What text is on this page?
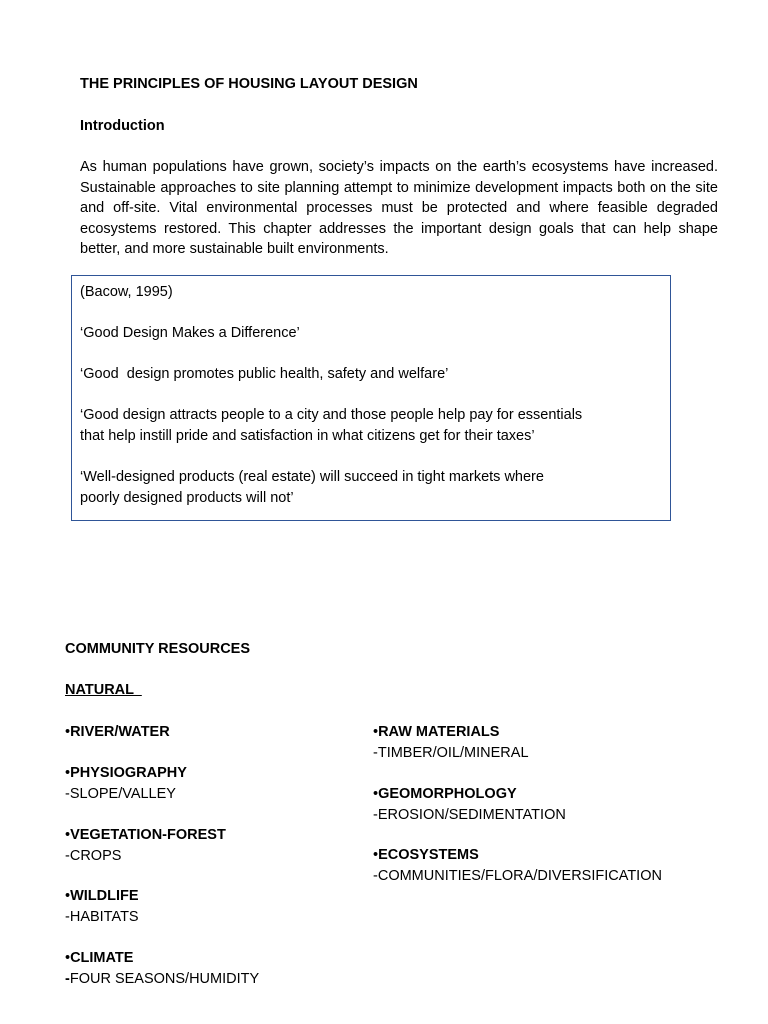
THE PRINCIPLES OF HOUSING LAYOUT DESIGN
Introduction
As human populations have grown, society’s impacts on the earth’s ecosystems have increased. Sustainable approaches to site planning attempt to minimize development impacts both on the site and off-site. Vital environmental processes must be protected and where feasible degraded ecosystems restored. This chapter addresses the important design goals that can help shape better, and more sustainable built environments.
(Bacow, 1995)
‘Good Design Makes a Difference’
‘Good  design promotes public health, safety and welfare’
‘Good design attracts people to a city and those people help pay for essentials
that help instill pride and satisfaction in what citizens get for their taxes’
‘Well-designed products (real estate) will succeed in tight markets where
poorly designed products will not’
COMMUNITY RESOURCES
NATURAL
•RIVER/WATER
•PHYSIOGRAPHY
-SLOPE/VALLEY
•VEGETATION-FOREST
-CROPS
•WILDLIFE
-HABITATS
•CLIMATE
-FOUR SEASONS/HUMIDITY
•RAW MATERIALS
-TIMBER/OIL/MINERAL
•GEOMORPHOLOGY
-EROSION/SEDIMENTATION
•ECOSYSTEMS
-COMMUNITIES/FLORA/DIVERSIFICATION
